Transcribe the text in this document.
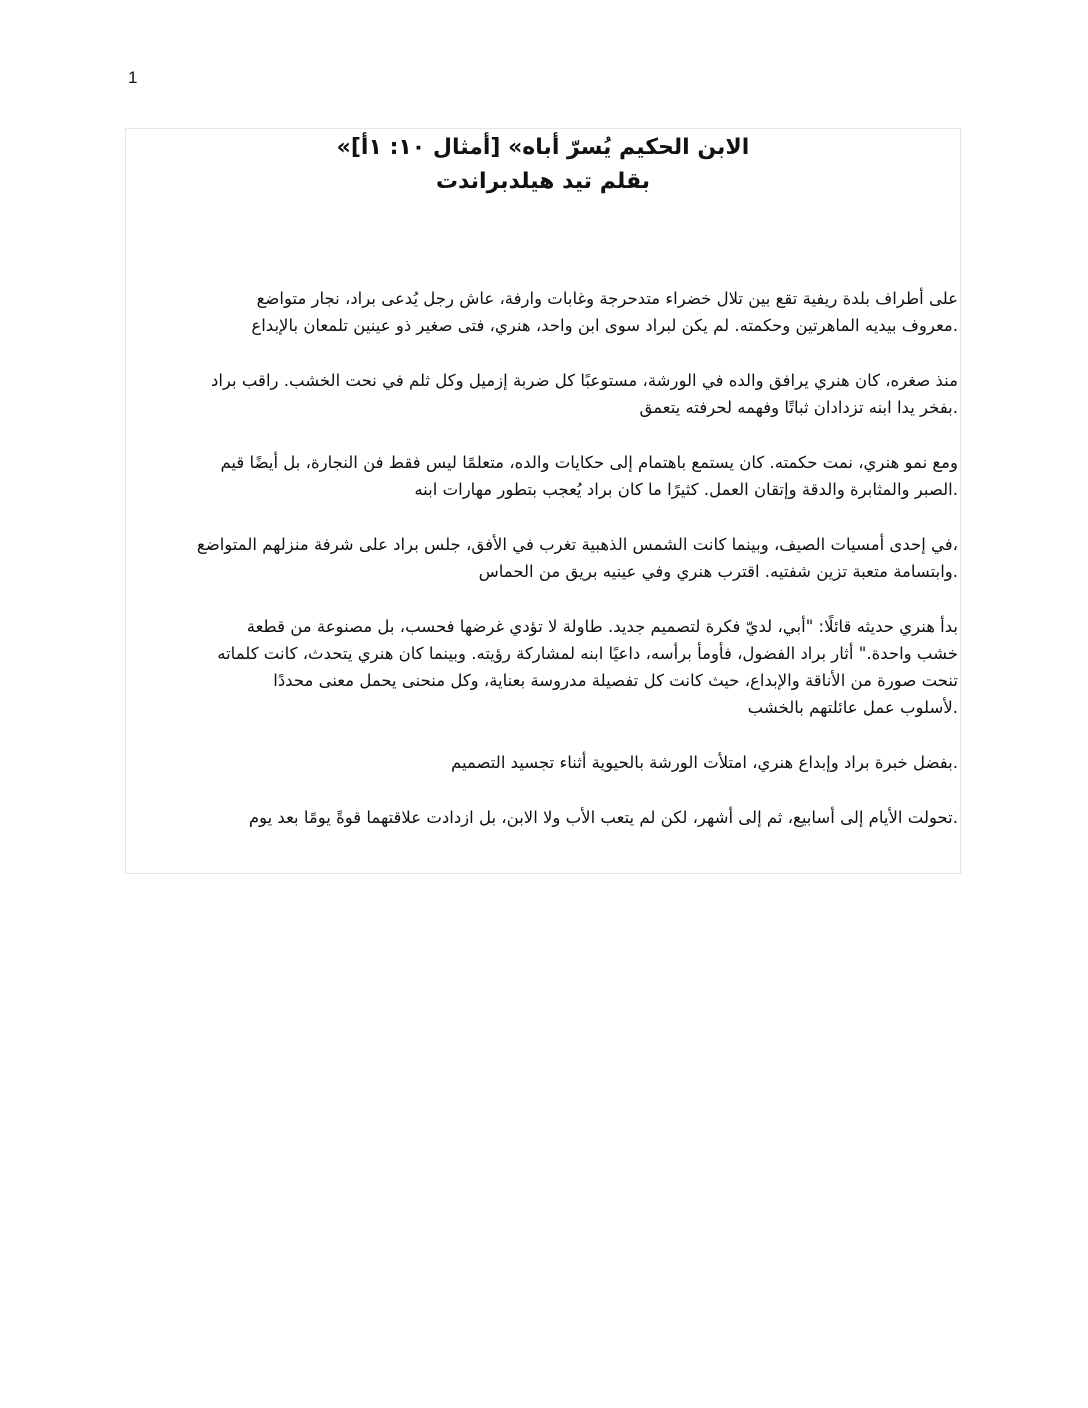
1
الابن الحكيم يُسرّ أباه» [أمثال ١٠: ١أ]»
بقلم تيد هيلدبراندت

على أطراف بلدة ريفية تقع بين تلال خضراء متدحرجة وغابات وارفة، عاش رجل يُدعى براد، نجار متواضع
.معروف بيديه الماهرتين وحكمته. لم يكن لبراد سوى ابن واحد، هنري، فتى صغير ذو عينين تلمعان بالإبداع

منذ صغره، كان هنري يرافق والده في الورشة، مستوعبًا كل ضربة إزميل وكل ثلم في نحت الخشب. راقب براد
.بفخر يدا ابنه تزدادان ثباتًا وفهمه لحرفته يتعمق

ومع نمو هنري، نمت حكمته. كان يستمع باهتمام إلى حكايات والده، متعلمًا ليس فقط فن النجارة، بل أيضًا قيم
.الصبر والمثابرة والدقة وإتقان العمل. كثيرًا ما كان براد يُعجب بتطور مهارات ابنه

،في إحدى أمسيات الصيف، وبينما كانت الشمس الذهبية تغرب في الأفق، جلس براد على شرفة منزلهم المتواضع
.وابتسامة متعبة تزين شفتيه. اقترب هنري وفي عينيه بريق من الحماس

بدأ هنري حديثه قائلًا: "أبي، لديّ فكرة لتصميم جديد. طاولة لا تؤدي غرضها فحسب، بل مصنوعة من قطعة
خشب واحدة." أثار براد الفضول، فأومأ برأسه، داعيًا ابنه لمشاركة رؤيته. وبينما كان هنري يتحدث، كانت كلماته
تنحت صورة من الأناقة والإبداع، حيث كانت كل تفصيلة مدروسة بعناية، وكل منحنى يحمل معنى محددًا
.لأسلوب عمل عائلتهم بالخشب

.بفضل خبرة براد وإبداع هنري، امتلأت الورشة بالحيوية أثناء تجسيد التصميم

.تحولت الأيام إلى أسابيع، ثم إلى أشهر، لكن لم يتعب الأب ولا الابن، بل ازدادت علاقتهما قوةً يومًا بعد يوم
